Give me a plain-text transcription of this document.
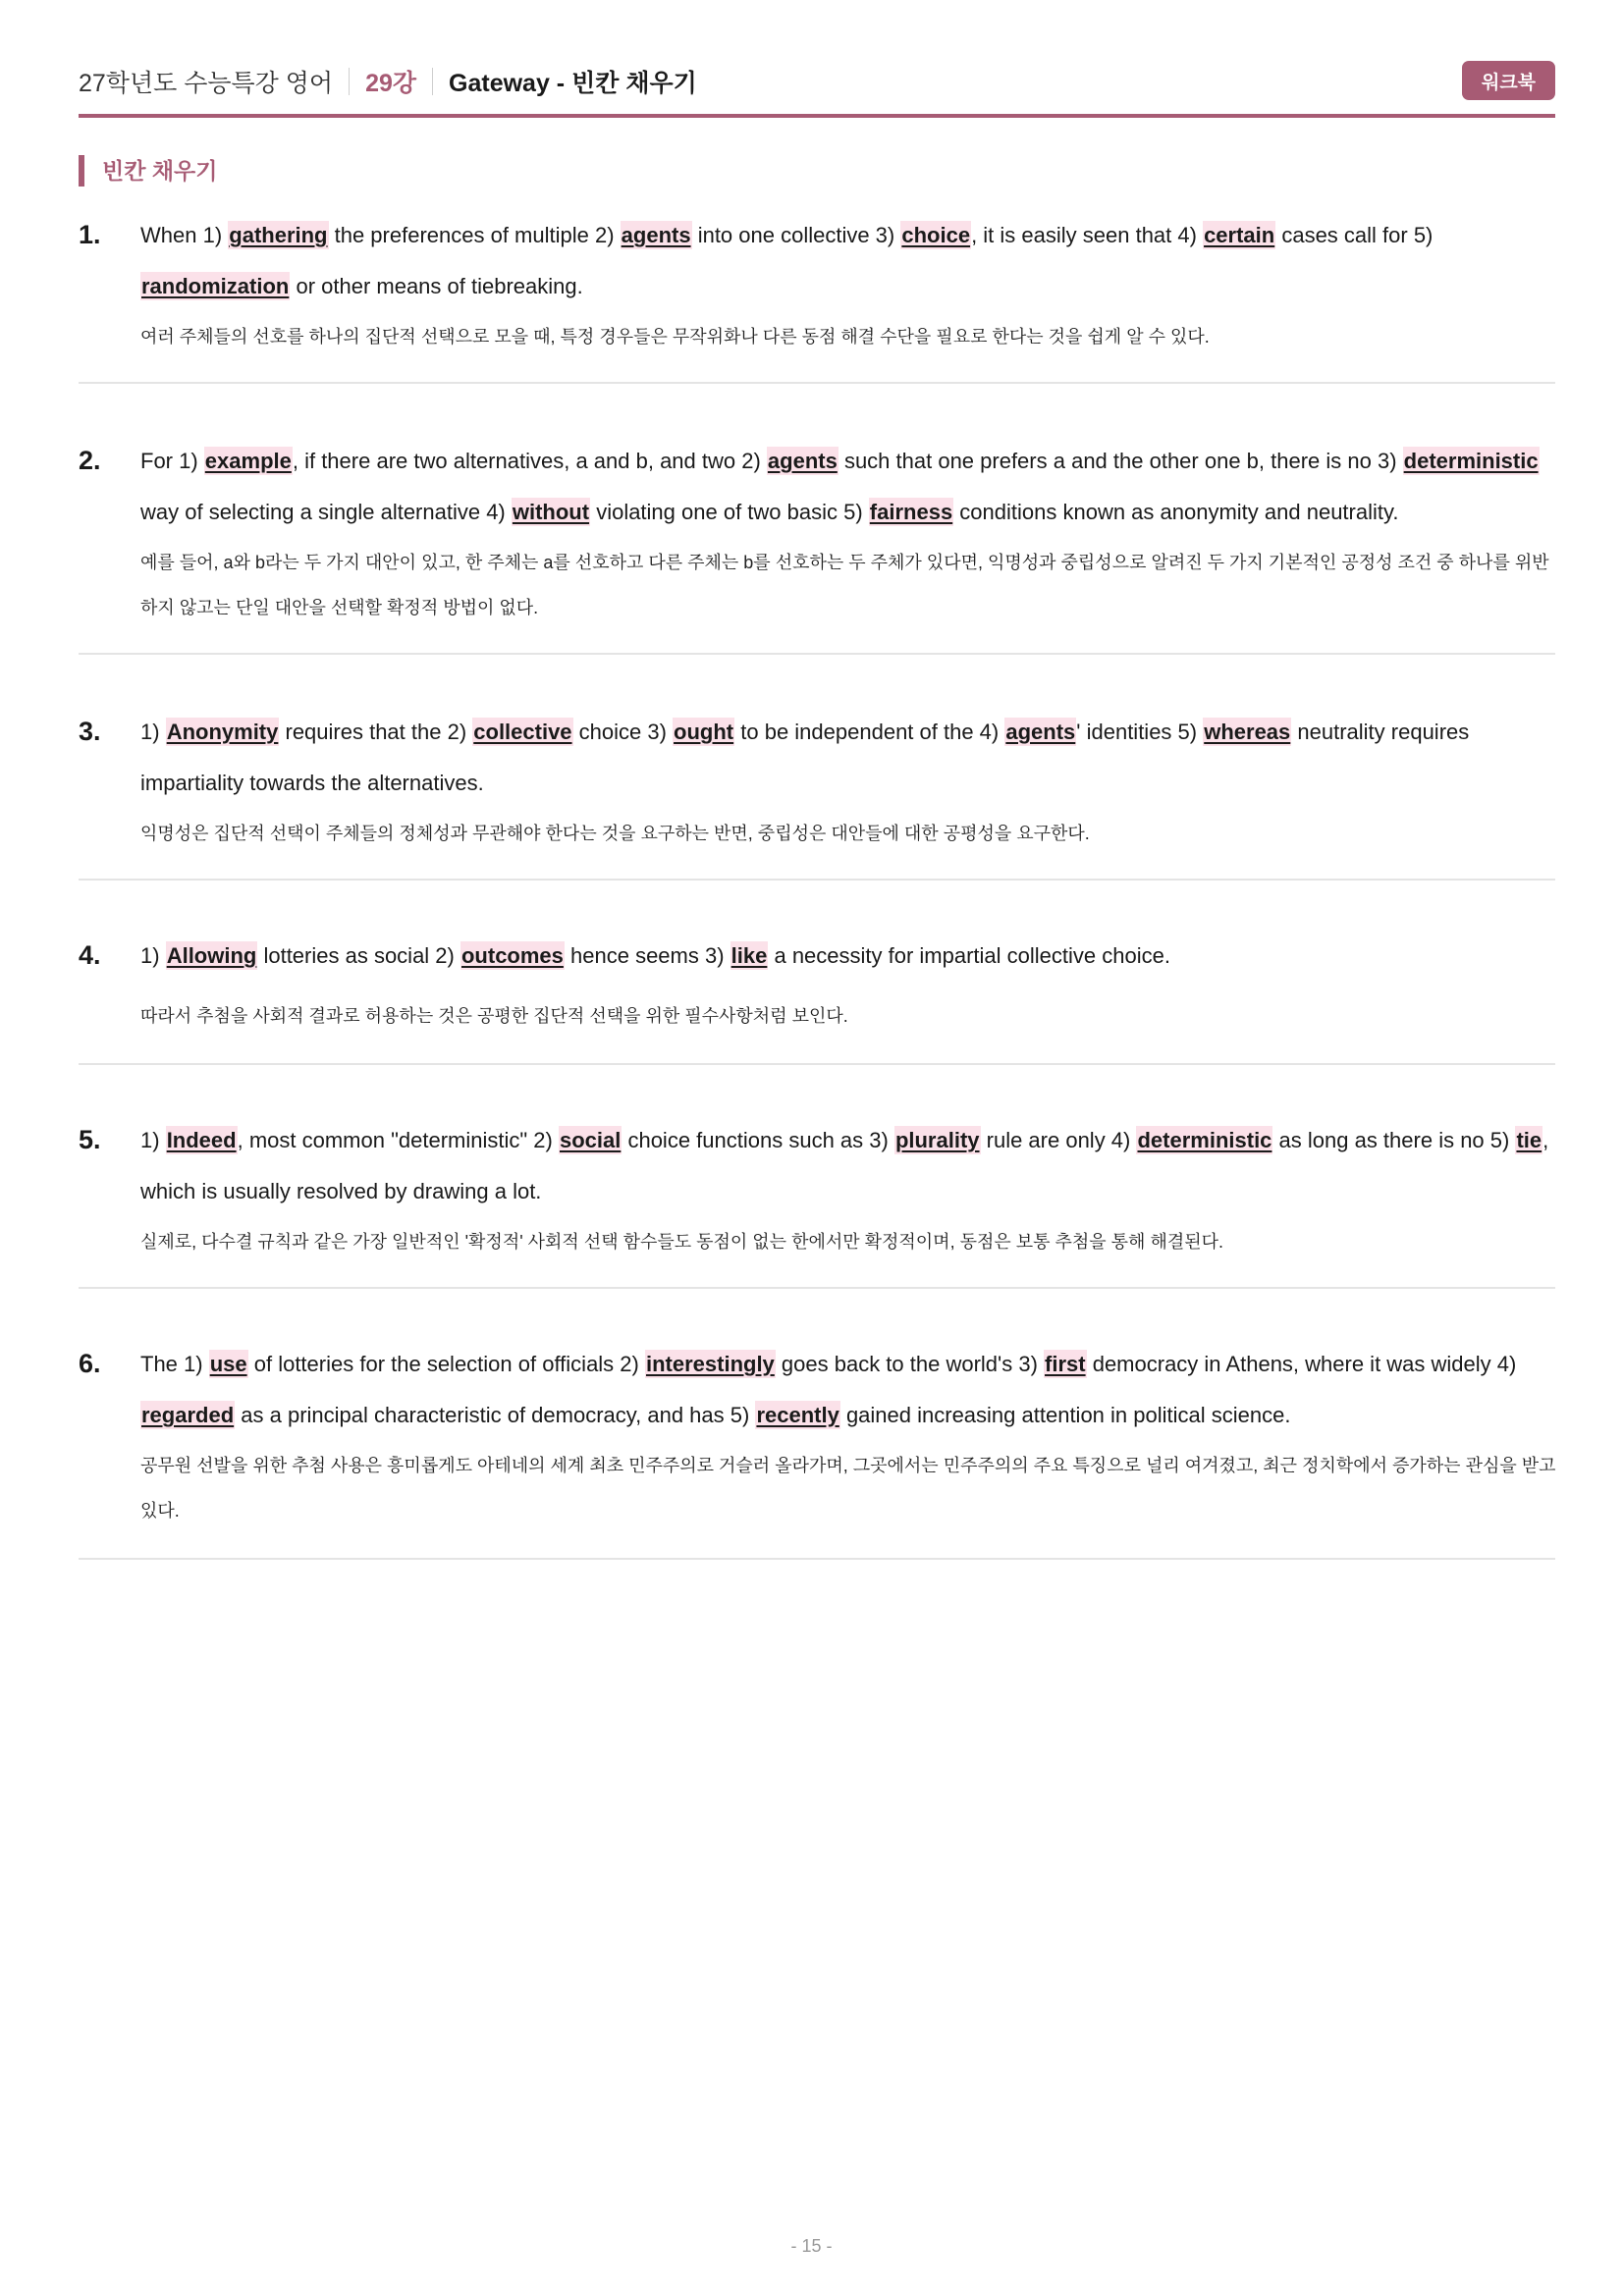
27학년도 수능특강 영어 29강 Gateway - 빈칸 채우기	워크북
빈칸 채우기
1. When 1) gathering the preferences of multiple 2) agents into one collective 3) choice, it is easily seen that 4) certain cases call for 5) randomization or other means of tiebreaking.
여러 주체들의 선호를 하나의 집단적 선택으로 모을 때, 특정 경우들은 무작위화나 다른 동점 해결 수단을 필요로 한다는 것을 쉽게 알 수 있다.
2. For 1) example, if there are two alternatives, a and b, and two 2) agents such that one prefers a and the other one b, there is no 3) deterministic way of selecting a single alternative 4) without violating one of two basic 5) fairness conditions known as anonymity and neutrality.
예를 들어, a와 b라는 두 가지 대안이 있고, 한 주체는 a를 선호하고 다른 주체는 b를 선호하는 두 주체가 있다면, 익명성과 중립성으로 알려진 두 가지 기본적인 공정성 조건 중 하나를 위반하지 않고는 단일 대안을 선택할 확정적 방법이 없다.
3. 1) Anonymity requires that the 2) collective choice 3) ought to be independent of the 4) agents' identities 5) whereas neutrality requires impartiality towards the alternatives.
익명성은 집단적 선택이 주체들의 정체성과 무관해야 한다는 것을 요구하는 반면, 중립성은 대안들에 대한 공평성을 요구한다.
4. 1) Allowing lotteries as social 2) outcomes hence seems 3) like a necessity for impartial collective choice.
따라서 추첨을 사회적 결과로 허용하는 것은 공평한 집단적 선택을 위한 필수사항처럼 보인다.
5. 1) Indeed, most common "deterministic" 2) social choice functions such as 3) plurality rule are only 4) deterministic as long as there is no 5) tie, which is usually resolved by drawing a lot.
실제로, 다수결 규칙과 같은 가장 일반적인 '확정적' 사회적 선택 함수들도 동점이 없는 한에서만 확정적이며, 동점은 보통 추첨을 통해 해결된다.
6. The 1) use of lotteries for the selection of officials 2) interestingly goes back to the world's 3) first democracy in Athens, where it was widely 4) regarded as a principal characteristic of democracy, and has 5) recently gained increasing attention in political science.
공무원 선발을 위한 추첨 사용은 흥미롭게도 아테네의 세계 최초 민주주의로 거슬러 올라가며, 그곳에서는 민주주의의 주요 특징으로 널리 여겨졌고, 최근 정치학에서 증가하는 관심을 받고 있다.
- 15 -
